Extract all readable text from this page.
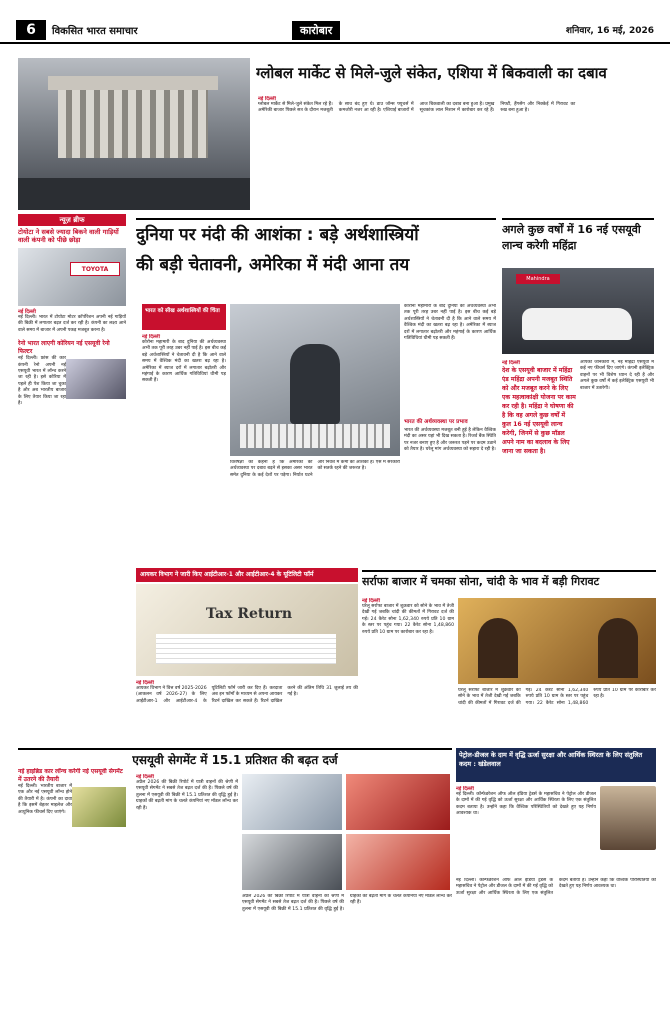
6	विकसित भारत समाचार	कारोबार	शनिवार, 16 मई, 2026
ग्लोबल मार्केट से मिले-जुले संकेत, एशिया में बिकवाली का दबाव
नई दिल्ली
ग्लोबल मार्केट से मिले-जुले संकेत मिल रहे हैं। अमेरिकी बाजार पिछले सत्र के दौरान मजबूती के साथ बंद हुए थे। डाउ जॉन्स फ्यूचर्स में कमजोरी नजर आ रही है। एशियाई बाजारों में आज बिकवाली का दबाव बना हुआ है। प्रमुख सूचकांक लाल निशान में कारोबार कर रहे हैं। निफ्टी, हैंगसेंग और निक्केई में गिरावट का रुख बना हुआ है।
न्यूज़ ब्रीफ
टोयोटा ने सबसे ज्यादा बिकने वाली गाड़ियों वाली कंपनी को पीछे छोड़ा
TOYOTA
नई दिल्ली
नई दिल्ली। भारत में टोयोटा मोटर कॉर्पोरेशन अपनी नई गाड़ियों की बिक्री में लगातार बढ़त दर्ज कर रही है। कंपनी का लक्ष्य आने वाले समय में बाजार में अपनी पकड़ मजबूत करना है।
रेनो भारत लाएगी कोरियन नई एसयूवी रेनो फिल्टर
नई दिल्ली। फ्रांस की कार कंपनी रेनो अपनी नई एसयूवी भारत में लॉन्च करने जा रही है। इसे कोरिया में पहले ही पेश किया जा चुका है और अब भारतीय बाजार के लिए तैयार किया जा रहा है।
नई हाइब्रिड कार लॉन्च करेगी नई एसयूवी सेगमेंट में उतरने की तैयारी
नई दिल्ली। भारतीय बाजार में एक और नई एसयूवी लॉन्च होने की तैयारी में है। कंपनी का दावा है कि इसमें बेहतर माइलेज और आधुनिक फीचर्स दिए जाएंगे।
दुनिया पर मंदी की आशंका : बड़े अर्थशास्त्रियों
की बड़ी चेतावनी, अमेरिका में मंदी आना तय
भारत को सीख अर्थशास्त्रियों की चिंता
नई दिल्ली
कोरोना महामारी के बाद दुनिया की अर्थव्यवस्था अभी तक पूरी तरह उबर नहीं पाई है। इस बीच कई बड़े अर्थशास्त्रियों ने चेतावनी दी है कि आने वाले समय में वैश्विक मंदी का खतरा बढ़ रहा है। अमेरिका में ब्याज दरों में लगातार बढ़ोतरी और महंगाई के कारण आर्थिक गतिविधियां धीमी पड़ सकती हैं।
विशेषज्ञों का कहना है कि अमेरिका की अर्थव्यवस्था पर दबाव बढ़ने से इसका असर भारत समेत दुनिया के कई देशों पर पड़ेगा। निर्यात घटने और निवेश में कमी की आशंका है। ऐसे में सरकारों को सतर्क रहने की जरूरत है।
कोरोना महामारी के बाद दुनिया की अर्थव्यवस्था अभी तक पूरी तरह उबर नहीं पाई है। इस बीच कई बड़े अर्थशास्त्रियों ने चेतावनी दी है कि आने वाले समय में वैश्विक मंदी का खतरा बढ़ रहा है। अमेरिका में ब्याज दरों में लगातार बढ़ोतरी और महंगाई के कारण आर्थिक गतिविधियां धीमी पड़ सकती हैं।
भारत की अर्थव्यवस्था पर प्रभाव
भारत की अर्थव्यवस्था मजबूत बनी हुई है लेकिन वैश्विक मंदी का असर यहां भी दिख सकता है। रिजर्व बैंक स्थिति पर नजर बनाए हुए है और जरूरत पड़ने पर कदम उठाने को तैयार है। घरेलू मांग अर्थव्यवस्था को सहारा दे रही है।
अगले कुछ वर्षों में 16 नई एसयूवी लान्च करेगी महिंद्रा
Mahindra
नई दिल्ली
देश के एसयूवी बाजार में महिंद्रा एंड महिंद्रा अपनी मजबूत स्थिति को और मजबूत करने के लिए एक महत्वाकांक्षी योजना पर काम कर रही है। महिंद्रा ने घोषणा की है कि वह अगले कुछ वर्षों में कुल 16 नई एसयूवी लान्च करेगी, जिनमें से कुछ मॉडल अपने नाम का बदलाव के लिए जाना जा सकता है।
आपकी जानकारी में, नई महिंद्रा एसयूवी में कई नए फीचर्स दिए जाएंगे। कंपनी इलेक्ट्रिक वाहनों पर भी विशेष ध्यान दे रही है और अगले कुछ वर्षों में कई इलेक्ट्रिक एसयूवी भी बाजार में उतारेगी।
आयकर विभाग ने जारी किए आईटीआर-1 और आईटीआर-4 के यूटिलिटी फॉर्म
Tax Return
नई दिल्ली
आयकर विभाग ने वित्त वर्ष 2025-2026 (आकलन वर्ष 2026-27) के लिए आईटीआर-1 और आईटीआर-4 के यूटिलिटी फॉर्म जारी कर दिए हैं। करदाता अब इन फॉर्मों के माध्यम से अपना आयकर रिटर्न दाखिल कर सकते हैं। रिटर्न दाखिल करने की अंतिम तिथि 31 जुलाई तय की गई है।
सर्राफा बाजार में चमका सोना, चांदी के भाव में बड़ी गिरावट
नई दिल्ली
घरेलू सर्राफा बाजार में शुक्रवार को सोने के भाव में तेजी देखी गई जबकि चांदी की कीमतों में गिरावट दर्ज की गई। 24 कैरेट सोना 1,62,340 रुपये प्रति 10 ग्राम के स्तर पर पहुंच गया। 22 कैरेट सोना 1,48,860 रुपये प्रति 10 ग्राम पर कारोबार कर रहा है।
घरेलू सर्राफा बाजार में शुक्रवार को सोने के भाव में तेजी देखी गई जबकि चांदी की कीमतों में गिरावट दर्ज की गई। 24 कैरेट सोना 1,62,340 रुपये प्रति 10 ग्राम के स्तर पर पहुंच गया। 22 कैरेट सोना 1,48,860 रुपये प्रति 10 ग्राम पर कारोबार कर रहा है।
एसयूवी सेगमेंट में 15.1 प्रतिशत की बढ़त दर्ज
नई दिल्ली
अप्रैल 2026 की बिक्री रिपोर्ट में यात्री वाहनों की श्रेणी में एसयूवी सेगमेंट ने सबसे तेज बढ़त दर्ज की है। पिछले वर्ष की तुलना में एसयूवी की बिक्री में 15.1 प्रतिशत की वृद्धि हुई है। ग्राहकों की बढ़ती मांग के चलते कंपनियां नए मॉडल लॉन्च कर रही हैं।
अप्रैल 2026 की बिक्री रिपोर्ट में यात्री वाहनों की श्रेणी में एसयूवी सेगमेंट ने सबसे तेज बढ़त दर्ज की है। पिछले वर्ष की तुलना में एसयूवी की बिक्री में 15.1 प्रतिशत की वृद्धि हुई है। ग्राहकों की बढ़ती मांग के चलते कंपनियां नए मॉडल लॉन्च कर रही हैं।
पेट्रोल-डीजल के दाम में वृद्धि ऊर्जा सुरक्षा और आर्थिक स्थिरता के लिए संतुलित कदम : खंडेलवाल
नई दिल्ली
नई दिल्ली। कॉन्फेडरेशन ऑफ ऑल इंडिया ट्रेडर्स के महासचिव ने पेट्रोल और डीजल के दामों में की गई वृद्धि को ऊर्जा सुरक्षा और आर्थिक स्थिरता के लिए एक संतुलित कदम बताया है। उन्होंने कहा कि वैश्विक परिस्थितियों को देखते हुए यह निर्णय आवश्यक था।
नई दिल्ली। कॉन्फेडरेशन ऑफ ऑल इंडिया ट्रेडर्स के महासचिव ने पेट्रोल और डीजल के दामों में की गई वृद्धि को ऊर्जा सुरक्षा और आर्थिक स्थिरता के लिए एक संतुलित कदम बताया है। उन्होंने कहा कि वैश्विक परिस्थितियों को देखते हुए यह निर्णय आवश्यक था।
